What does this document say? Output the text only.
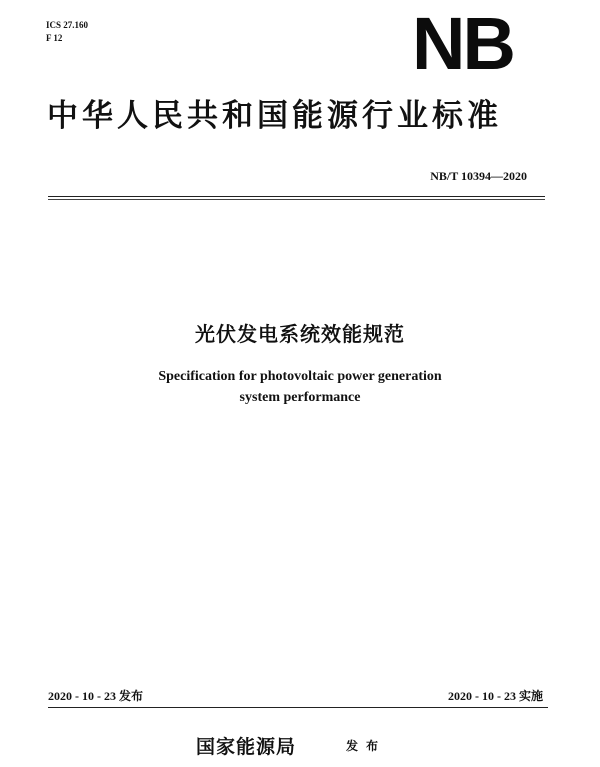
ICS 27.160
F 12	NB
中华人民共和国能源行业标准
NB/T 10394—2020
光伏发电系统效能规范
Specification for photovoltaic power generation
system performance
2020 - 10 - 23 发布	2020 - 10 - 23 实施
国家能源局	发布
